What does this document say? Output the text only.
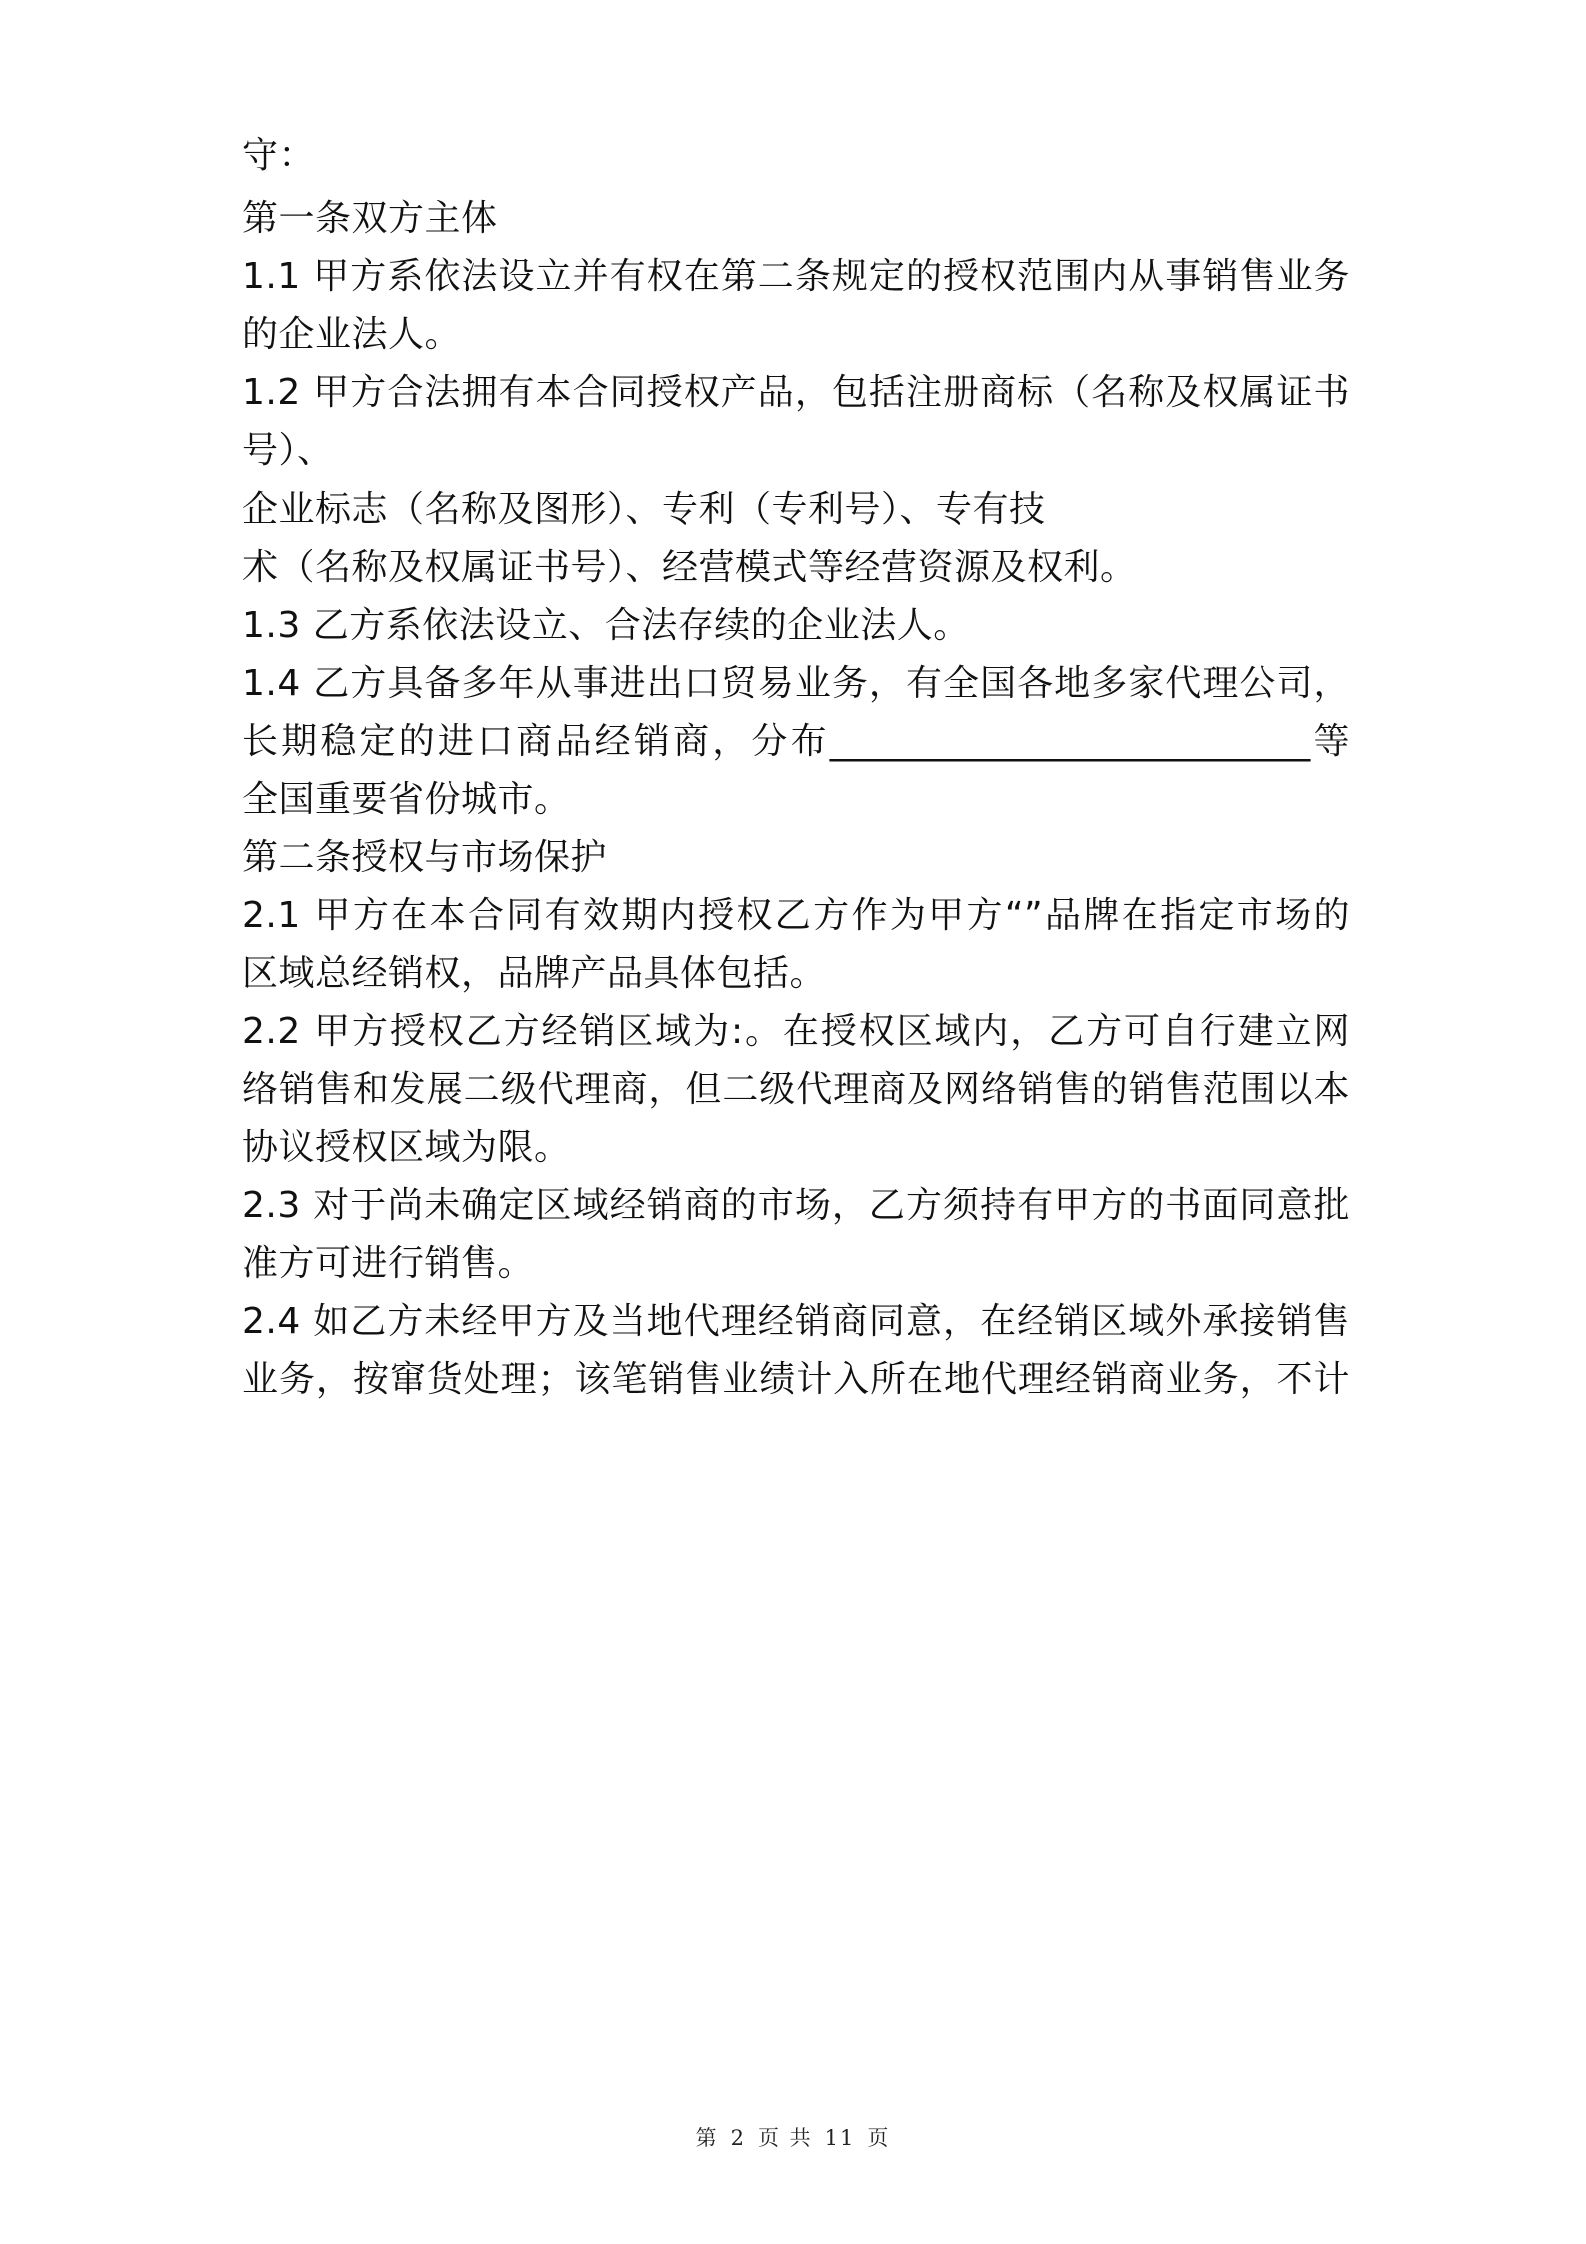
守：
第一条双方主体
1.1 甲方系依法设立并有权在第二条规定的授权范围内从事销售业务
的企业法人。
1.2 甲方合法拥有本合同授权产品，包括注册商标（名称及权属证书
号）、
企业标志（名称及图形）、专利（专利号）、专有技
术（名称及权属证书号）、经营模式等经营资源及权利。
1.3 乙方系依法设立、合法存续的企业法人。
1.4 乙方具备多年从事进出口贸易业务，有全国各地多家代理公司，
长期稳定的进口商品经销商，分布__________________________等
全国重要省份城市。
第二条授权与市场保护
2.1 甲方在本合同有效期内授权乙方作为甲方“”品牌在指定市场的
区域总经销权，品牌产品具体包括。
2.2 甲方授权乙方经销区域为:。在授权区域内，乙方可自行建立网
络销售和发展二级代理商，但二级代理商及网络销售的销售范围以本
协议授权区域为限。
2.3 对于尚未确定区域经销商的市场，乙方须持有甲方的书面同意批
准方可进行销售。
2.4 如乙方未经甲方及当地代理经销商同意，在经销区域外承接销售
业务，按窜货处理；该笔销售业绩计入所在地代理经销商业务，不计
第 2 页 共 11 页
